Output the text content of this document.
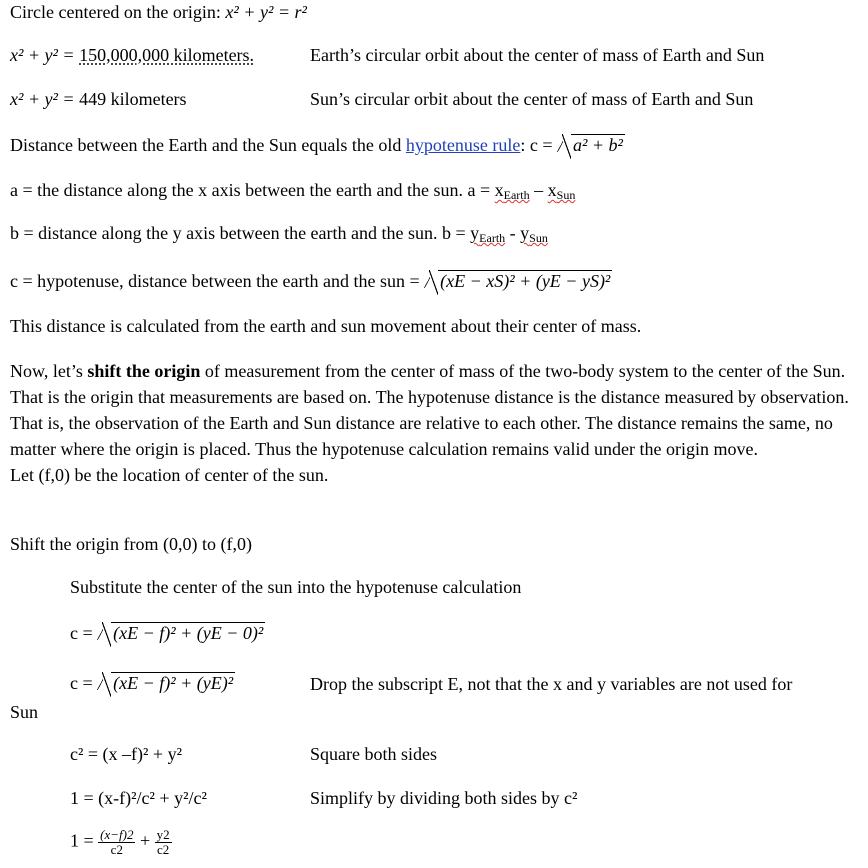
Circle centered on the origin: x² + y² = r²
x² + y² = 150,000,000 kilometers.	Earth’s circular orbit about the center of mass of Earth and Sun
x² + y² = 449 kilometers	Sun’s circular orbit about the center of mass of Earth and Sun
Distance between the Earth and the Sun equals the old hypotenuse rule: c = a² + b²
a = the distance along the x axis between the earth and the sun. $a = x_{Earth} - x_{Sun}$
b = distance along the y axis between the earth and the sun. $b = y_{Earth} - y_{Sun}$
c = hypotenuse, distance between the earth and the sun = (xE − xS)² + (yE − yS)²
This distance is calculated from the earth and sun movement about their center of mass.
Now, let’s shift the origin of measurement from the center of mass of the two-body system to the center of the Sun. That is the origin that measurements are based on. The hypotenuse distance is the distance measured by observation. That is, the observation of the Earth and Sun distance are relative to each other. The distance remains the same, no matter where the origin is placed. Thus the hypotenuse calculation remains valid under the origin move.
Let (f,0) be the location of center of the sun.
Shift the origin from (0,0) to (f,0)
Substitute the center of the sun into the hypotenuse calculation
c = (xE − f)² + (yE − 0)²
c = (xE − f)² + (yE)²	Drop the subscript E, not that the x and y variables are not used for
Sun
c² = (x –f)² + y²	Square both sides
1 = (x-f)²/c² + y²/c²	Simplify by dividing both sides by c²
$1 = \frac{(x-f)2}{c2} + \frac{y2}{c2}$
